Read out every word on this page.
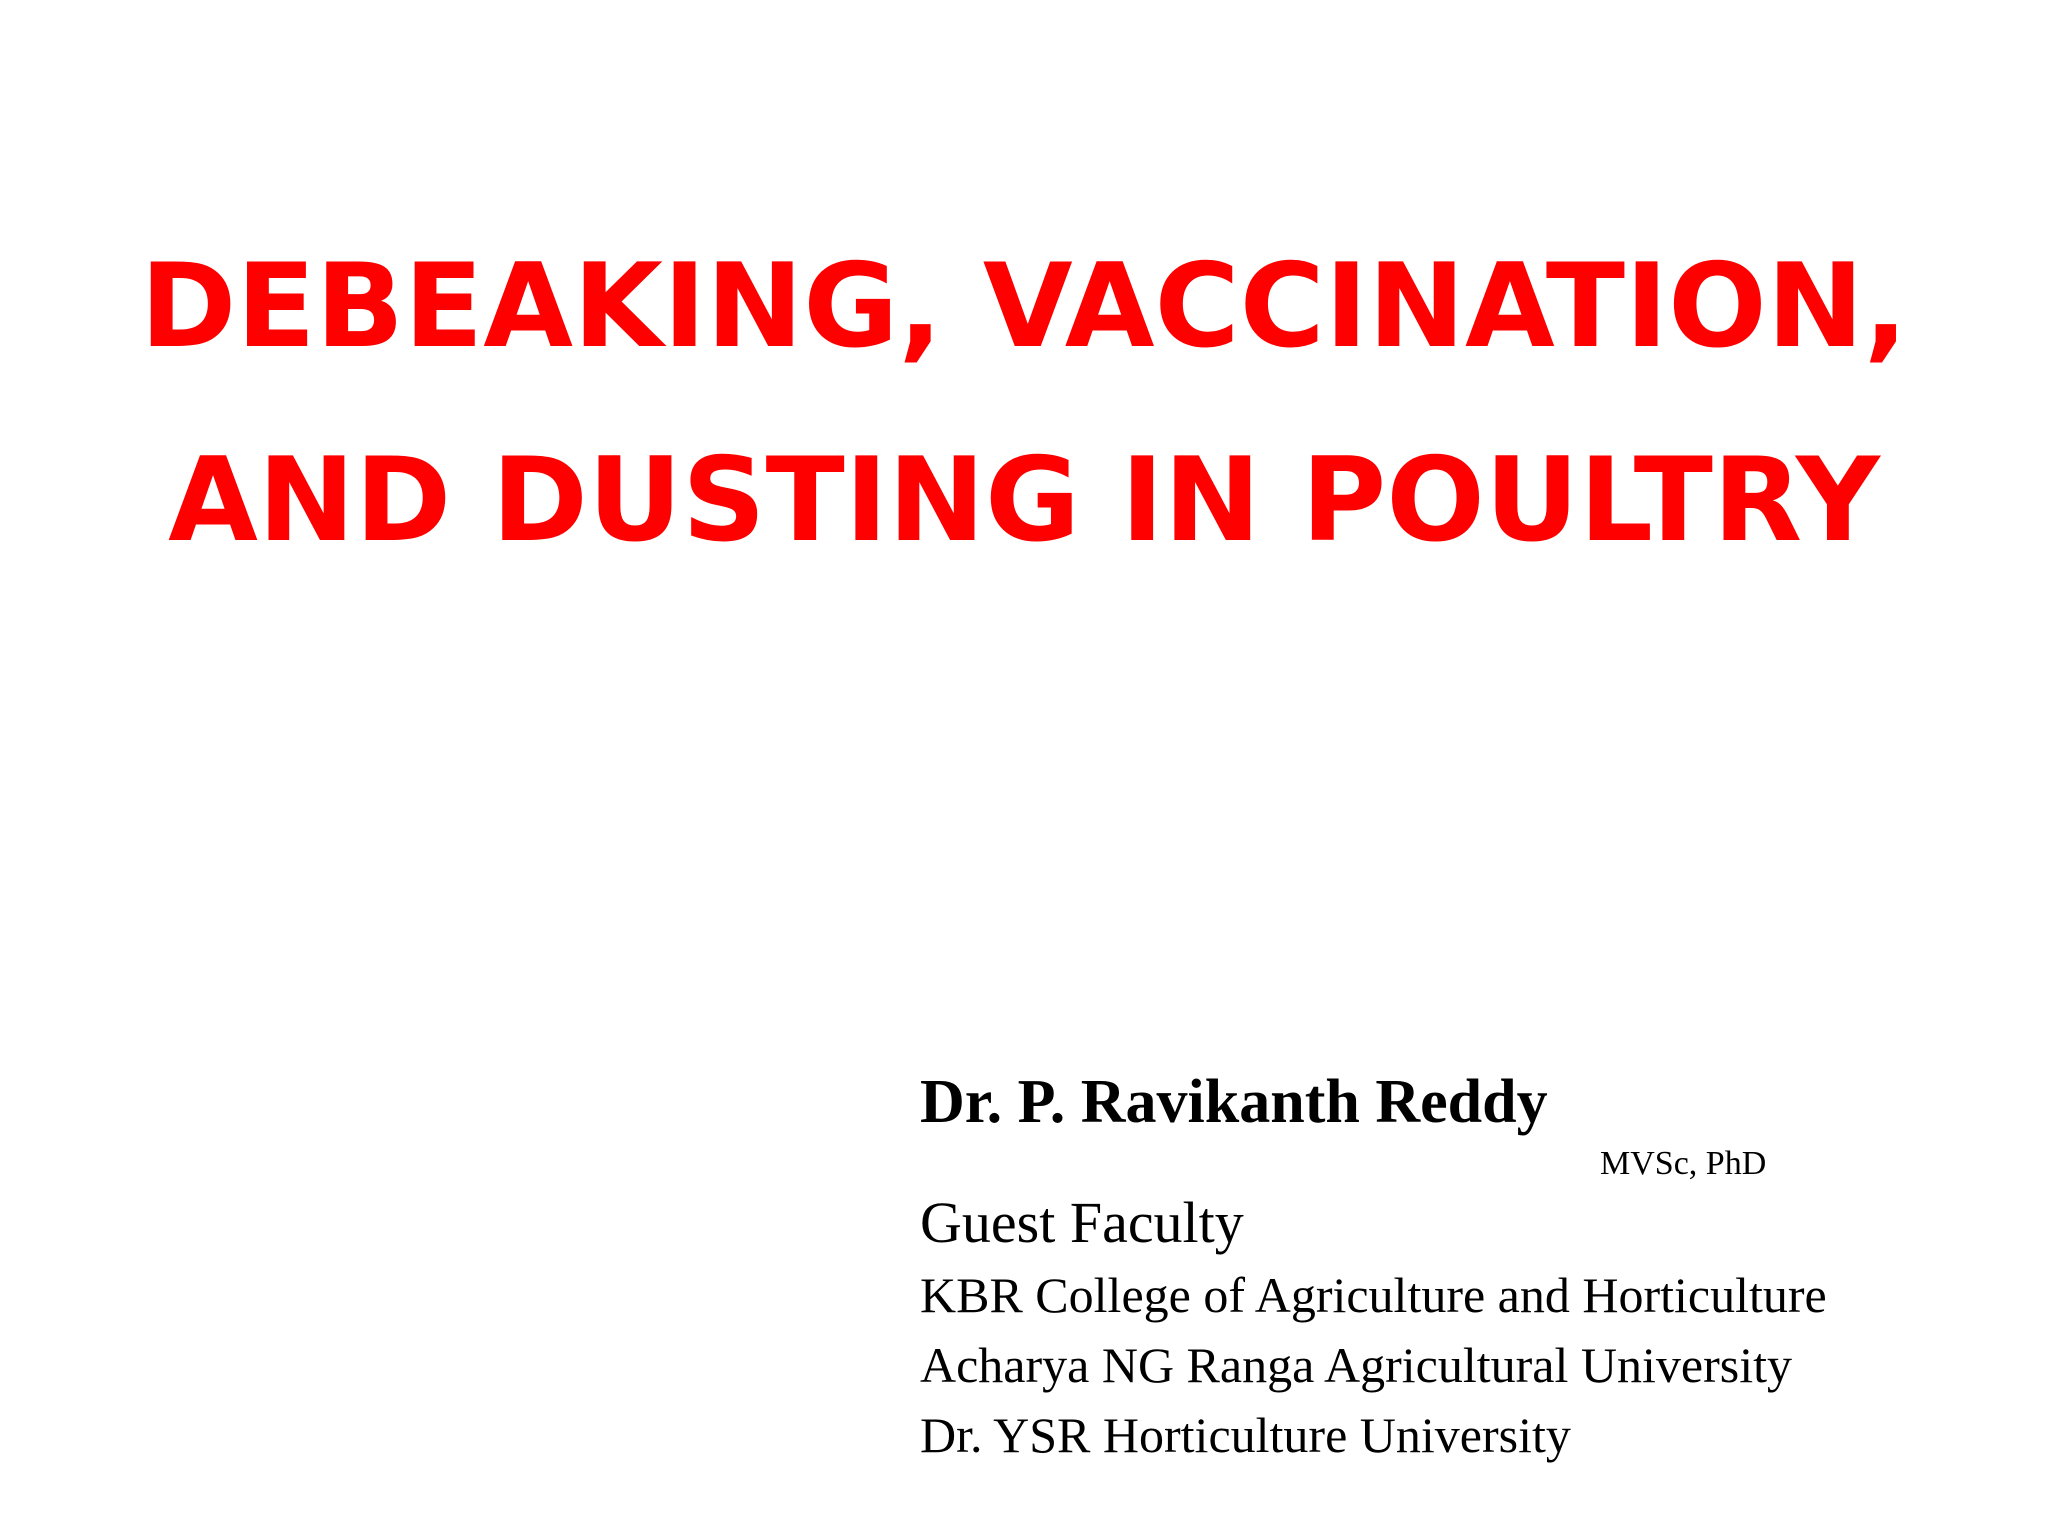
DEBEAKING, VACCINATION,
AND DUSTING IN POULTRY
Dr. P. Ravikanth Reddy
MVSc, PhD
Guest Faculty
KBR College of Agriculture and Horticulture
Acharya NG Ranga Agricultural University
Dr. YSR Horticulture University
